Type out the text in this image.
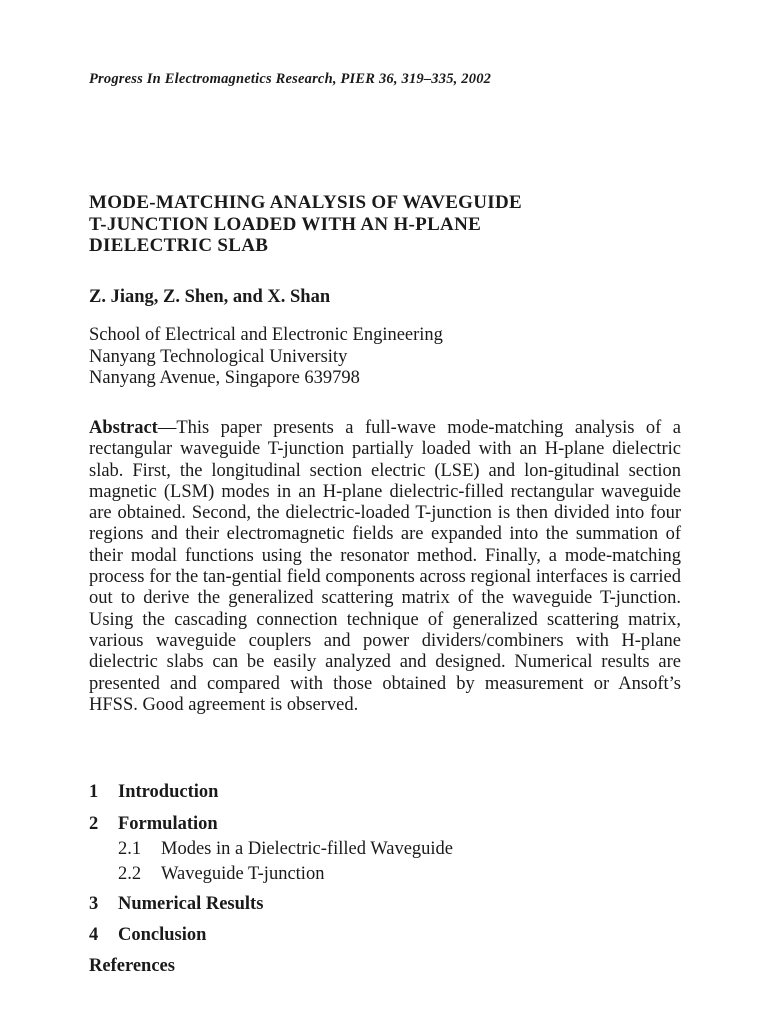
Progress In Electromagnetics Research, PIER 36, 319–335, 2002
MODE-MATCHING ANALYSIS OF WAVEGUIDE
T-JUNCTION LOADED WITH AN H-PLANE
DIELECTRIC SLAB
Z. Jiang, Z. Shen, and X. Shan
School of Electrical and Electronic Engineering
Nanyang Technological University
Nanyang Avenue, Singapore 639798
Abstract—This paper presents a full-wave mode-matching analysis of a rectangular waveguide T-junction partially loaded with an H-plane dielectric slab. First, the longitudinal section electric (LSE) and lon-gitudinal section magnetic (LSM) modes in an H-plane dielectric-filled rectangular waveguide are obtained. Second, the dielectric-loaded T-junction is then divided into four regions and their electromagnetic fields are expanded into the summation of their modal functions using the resonator method. Finally, a mode-matching process for the tan-gential field components across regional interfaces is carried out to derive the generalized scattering matrix of the waveguide T-junction. Using the cascading connection technique of generalized scattering matrix, various waveguide couplers and power dividers/combiners with H-plane dielectric slabs can be easily analyzed and designed. Numerical results are presented and compared with those obtained by measurement or Ansoft’s HFSS. Good agreement is observed.
1 Introduction
2 Formulation
2.1 Modes in a Dielectric-filled Waveguide
2.2 Waveguide T-junction
3 Numerical Results
4 Conclusion
References
